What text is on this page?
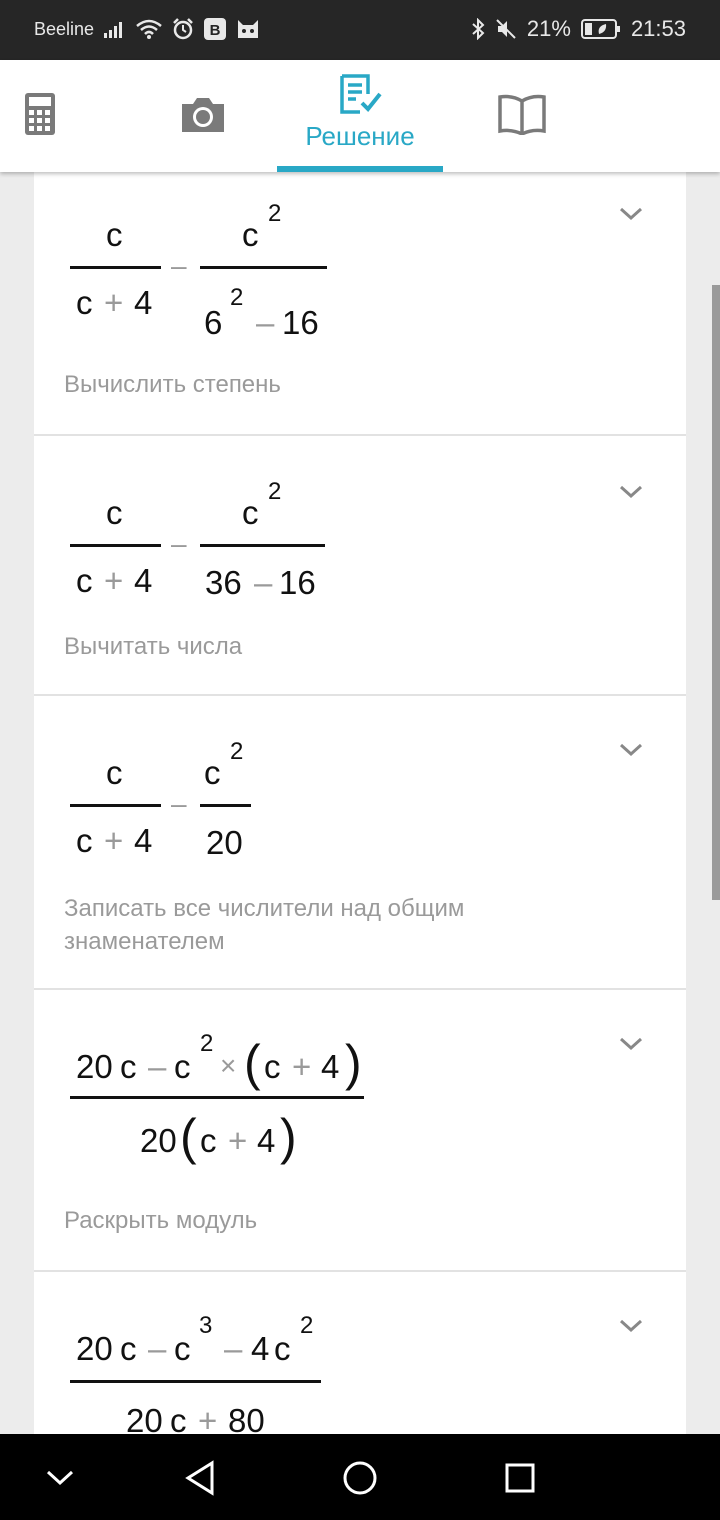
Beeline	B	21%	21:53
Решение
c
c + 4
–
c
2
6
2
– 16
Вычислить степень
c
c + 4
–
c
2
36 – 16
Вычитать числа
c
c + 4
–
c
2
20
Записать все числители над общим знаменателем
20 c – c
2
× ( c + 4 )
20 ( c + 4 )
Раскрыть модуль
20 c – c
3
– 4 c
2
20 c + 80
